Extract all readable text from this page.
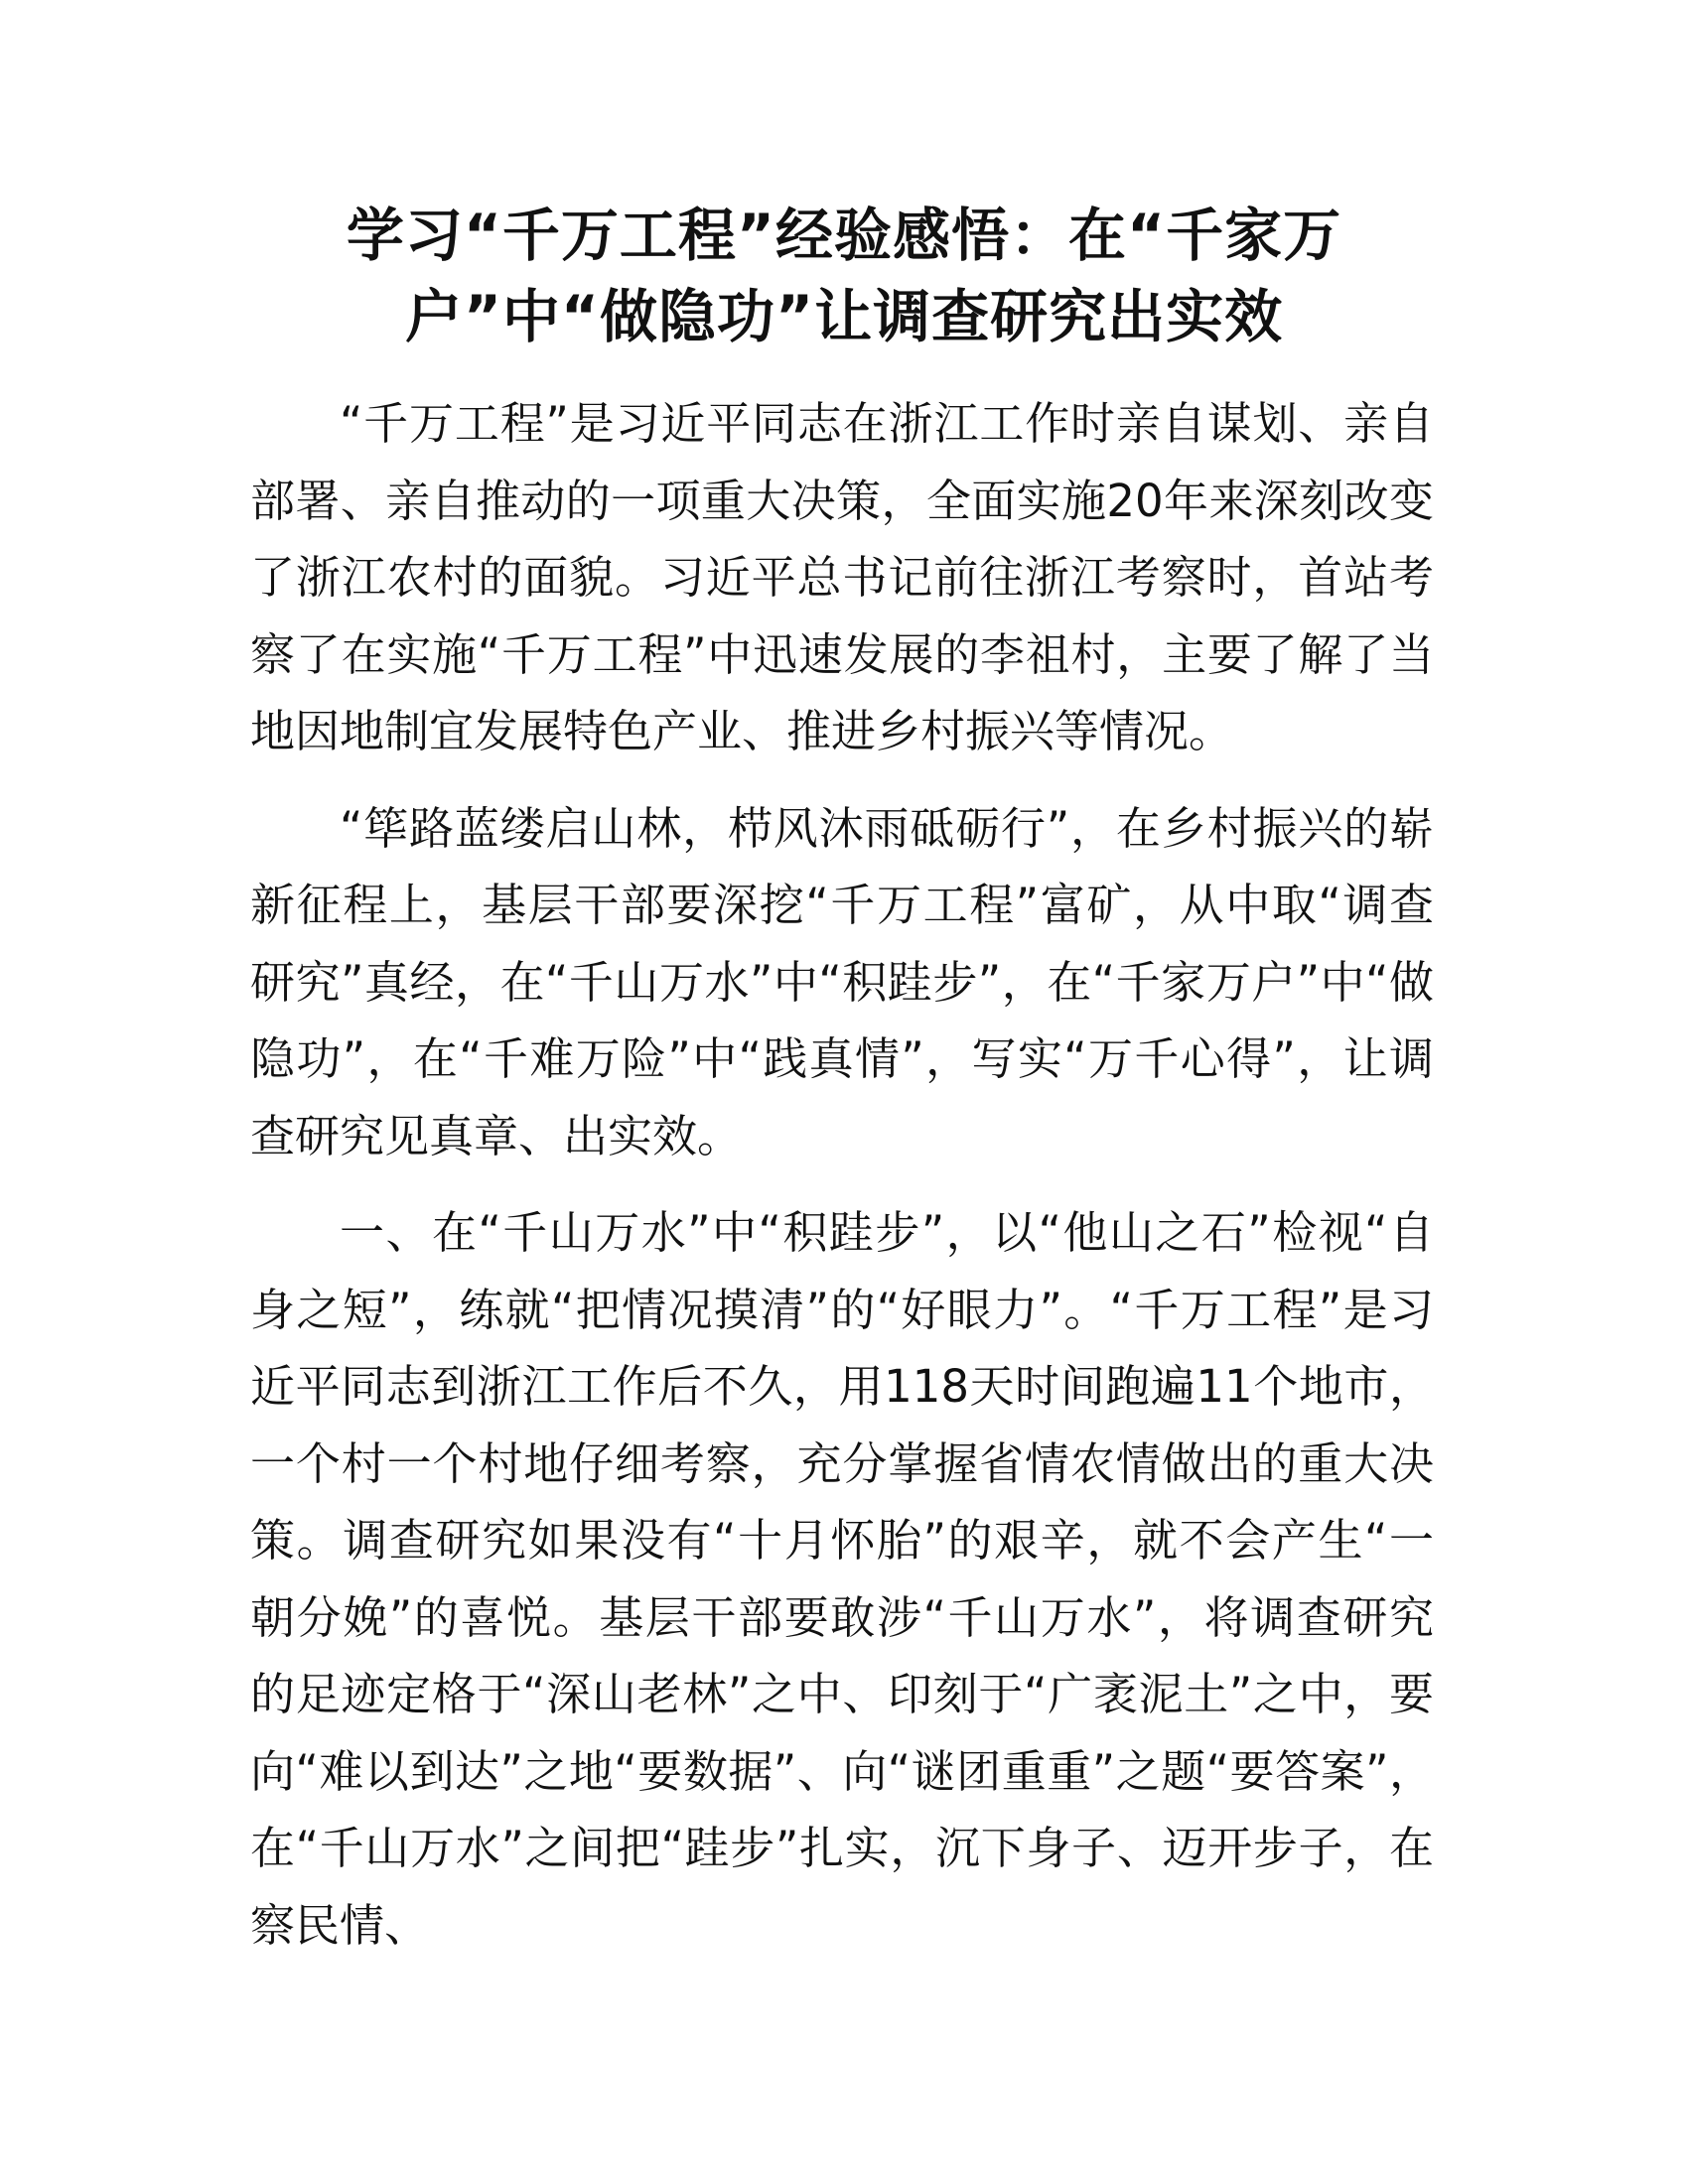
学习“千万工程”经验感悟：在“千家万
户”中“做隐功”让调查研究出实效

“千万工程”是习近平同志在浙江工作时亲自谋划、亲自部署、亲自推动的一项重大决策，全面实施20年来深刻改变了浙江农村的面貌。习近平总书记前往浙江考察时，首站考察了在实施“千万工程”中迅速发展的李祖村，主要了解了当地因地制宜发展特色产业、推进乡村振兴等情况。

“筚路蓝缕启山林，栉风沐雨砥砺行”，在乡村振兴的崭新征程上，基层干部要深挖“千万工程”富矿，从中取“调查研究”真经，在“千山万水”中“积跬步”，在“千家万户”中“做隐功”，在“千难万险”中“践真情”，写实“万千心得”，让调查研究见真章、出实效。

一、在“千山万水”中“积跬步”，以“他山之石”检视“自身之短”，练就“把情况摸清”的“好眼力”。“千万工程”是习近平同志到浙江工作后不久，用118天时间跑遍11个地市，一个村一个村地仔细考察，充分掌握省情农情做出的重大决策。调查研究如果没有“十月怀胎”的艰辛，就不会产生“一朝分娩”的喜悦。基层干部要敢涉“千山万水”，将调查研究的足迹定格于“深山老林”之中、印刻于“广袤泥土”之中，要向“难以到达”之地“要数据”、向“谜团重重”之题“要答案”，在“千山万水”之间把“跬步”扎实，沉下身子、迈开步子，在察民情、
